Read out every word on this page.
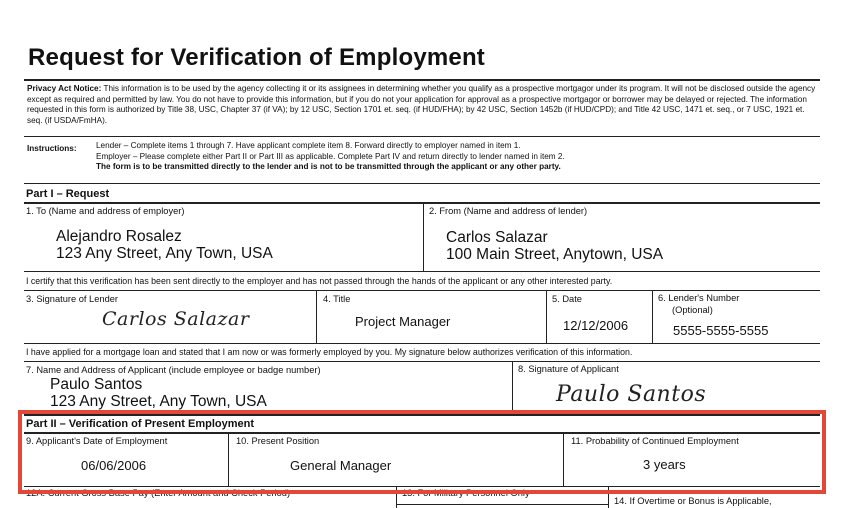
Request for Verification of Employment
Privacy Act Notice: This information is to be used by the agency collecting it or its assignees in determining whether you qualify as a prospective mortgagor under its program. It will not be disclosed outside the agency except as required and permitted by law. You do not have to provide this information, but if you do not your application for approval as a prospective mortgagor or borrower may be delayed or rejected. The information requested in this form is authorized by Title 38, USC, Chapter 37 (if VA); by 12 USC, Section 1701 et. seq. (if HUD/FHA); by 42 USC, Section 1452b (if HUD/CPD); and Title 42 USC, 1471 et. seq., or 7 USC, 1921 et. seq. (if USDA/FmHA).
Instructions: Lender – Complete items 1 through 7. Have applicant complete item 8. Forward directly to employer named in item 1.
Employer – Please complete either Part II or Part III as applicable. Complete Part IV and return directly to lender named in item 2.
The form is to be transmitted directly to the lender and is not to be transmitted through the applicant or any other party.
Part I – Request
1. To (Name and address of employer)
Alejandro Rosalez
123 Any Street, Any Town, USA
2. From (Name and address of lender)
Carlos Salazar
100 Main Street, Anytown, USA
I certify that this verification has been sent directly to the employer and has not passed through the hands of the applicant or any other interested party.
3. Signature of Lender
Carlos Salazar
4. Title
Project Manager
5. Date
12/12/2006
6. Lender's Number
(Optional)
5555-5555-5555
I have applied for a mortgage loan and stated that I am now or was formerly employed by you. My signature below authorizes verification of this information.
7. Name and Address of Applicant (include employee or badge number)
Paulo Santos
123 Any Street, Any Town, USA
8. Signature of Applicant
Paulo Santos
Part II – Verification of Present Employment
9. Applicant's Date of Employment
06/06/2006
10. Present Position
General Manager
11. Probability of Continued Employment
3 years
12A. Current Gross Base Pay (Enter Amount and Check Period)	13. For Military Personnel Only
14. If Overtime or Bonus is Applicable,
